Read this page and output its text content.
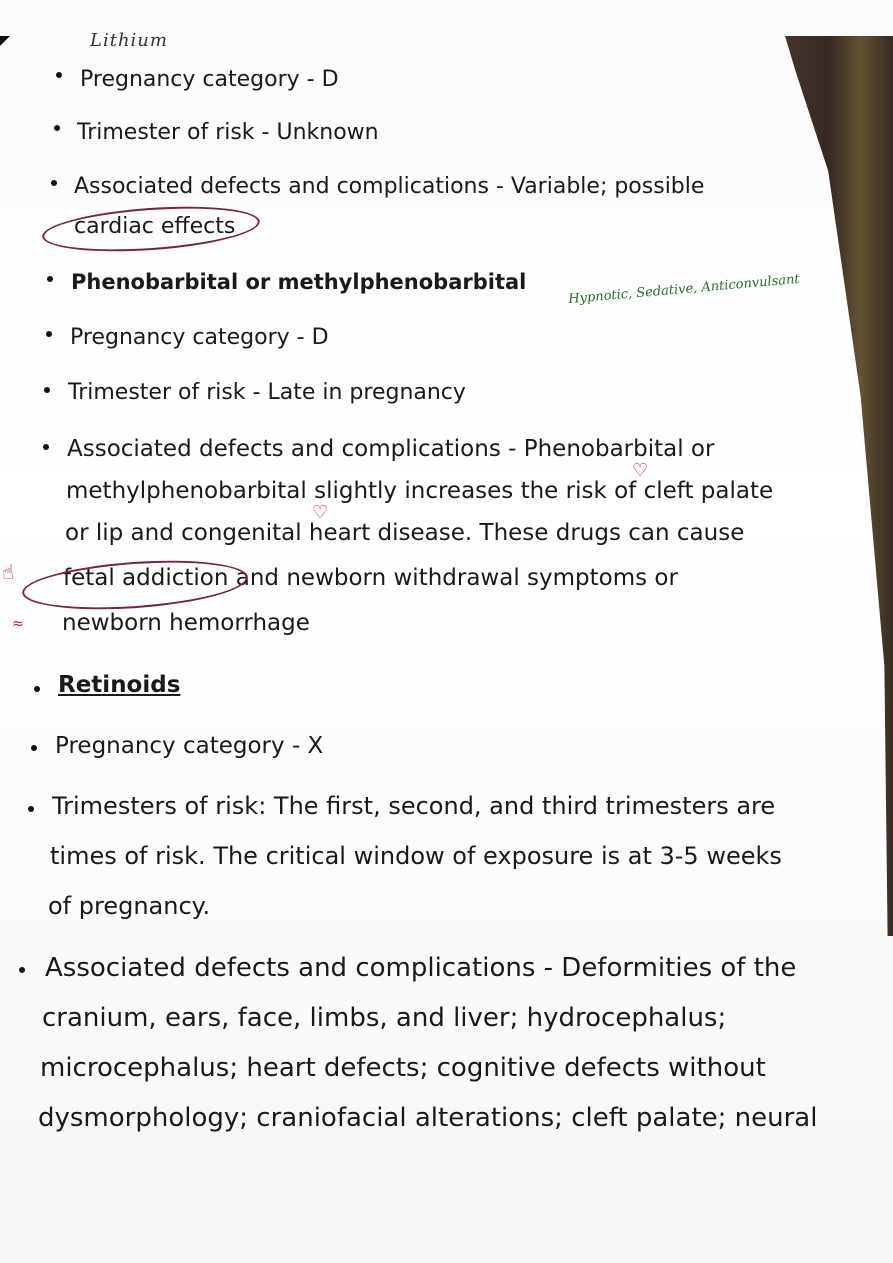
Lithium
Pregnancy category - D
Trimester of risk - Unknown
Associated defects and complications - Variable; possible
cardiac effects
Phenobarbital or methylphenobarbital	Hypnotic, Sedative, Anticonvulsant
Pregnancy category - D
Trimester of risk - Late in pregnancy
Associated defects and complications - Phenobarbital or
methylphenobarbital slightly increases the risk of cleft palate
or lip and congenital heart disease. These drugs can cause
fetal addiction and newborn withdrawal symptoms or
newborn hemorrhage
♡
♡
☝
≈
Retinoids
Pregnancy category - X
Trimesters of risk: The first, second, and third trimesters are
times of risk. The critical window of exposure is at 3-5 weeks
of pregnancy.
Associated defects and complications - Deformities of the
cranium, ears, face, limbs, and liver; hydrocephalus;
microcephalus; heart defects; cognitive defects without
dysmorphology; craniofacial alterations; cleft palate; neural
